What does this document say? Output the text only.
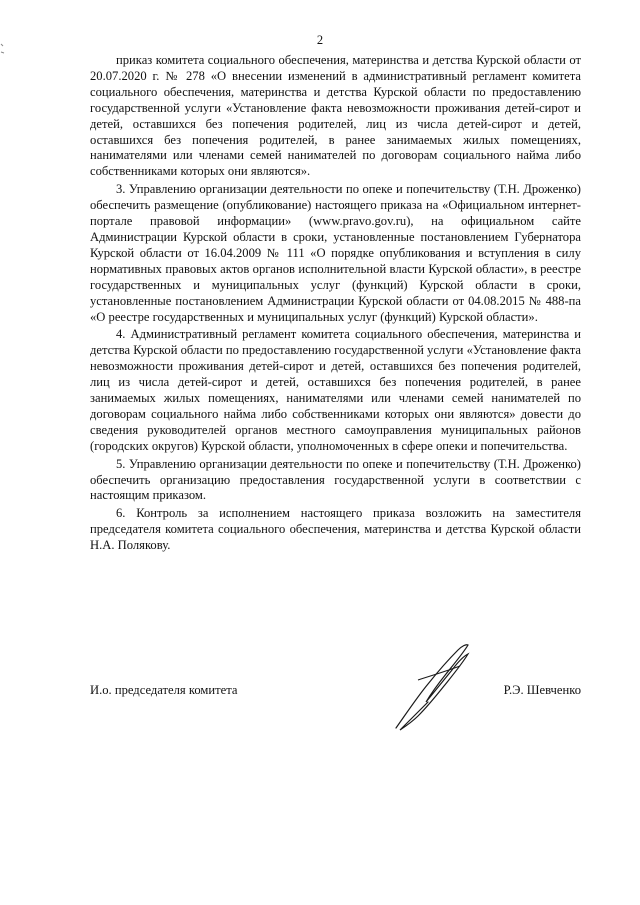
2

приказ комитета социального обеспечения, материнства и детства Курской области от 20.07.2020 г. № 278 «О внесении изменений в административный регламент комитета социального обеспечения, материнства и детства Курской области по предоставлению государственной услуги «Установление факта невозможности проживания детей-сирот и детей, оставшихся без попечения родителей, лиц из числа детей-сирот и детей, оставшихся без попечения родителей, в ранее занимаемых жилых помещениях, нанимателями или членами семей нанимателей по договорам социального найма либо собственниками которых они являются».

3. Управлению организации деятельности по опеке и попечительству (Т.Н. Дроженко) обеспечить размещение (опубликование) настоящего приказа на «Официальном интернет-портале правовой информации» (www.pravo.gov.ru), на официальном сайте Администрации Курской области в сроки, установленные постановлением Губернатора Курской области от 16.04.2009 № 111 «О порядке опубликования и вступления в силу нормативных правовых актов органов исполнительной власти Курской области», в реестре государственных и муниципальных услуг (функций) Курской области в сроки, установленные постановлением Администрации Курской области от 04.08.2015 № 488-па «О реестре государственных и муниципальных услуг (функций) Курской области».

4. Административный регламент комитета социального обеспечения, материнства и детства Курской области по предоставлению государственной услуги «Установление факта невозможности проживания детей-сирот и детей, оставшихся без попечения родителей, лиц из числа детей-сирот и детей, оставшихся без попечения родителей, в ранее занимаемых жилых помещениях, нанимателями или членами семей нанимателей по договорам социального найма либо собственниками которых они являются» довести до сведения руководителей органов местного самоуправления муниципальных районов (городских округов) Курской области, уполномоченных в сфере опеки и попечительства.

5. Управлению организации деятельности по опеке и попечительству (Т.Н. Дроженко) обеспечить организацию предоставления государственной услуги в соответствии с настоящим приказом.

6. Контроль за исполнением настоящего приказа возложить на заместителя председателя комитета социального обеспечения, материнства и детства Курской области Н.А. Полякову.

И.о. председателя комитета	Р.Э. Шевченко
